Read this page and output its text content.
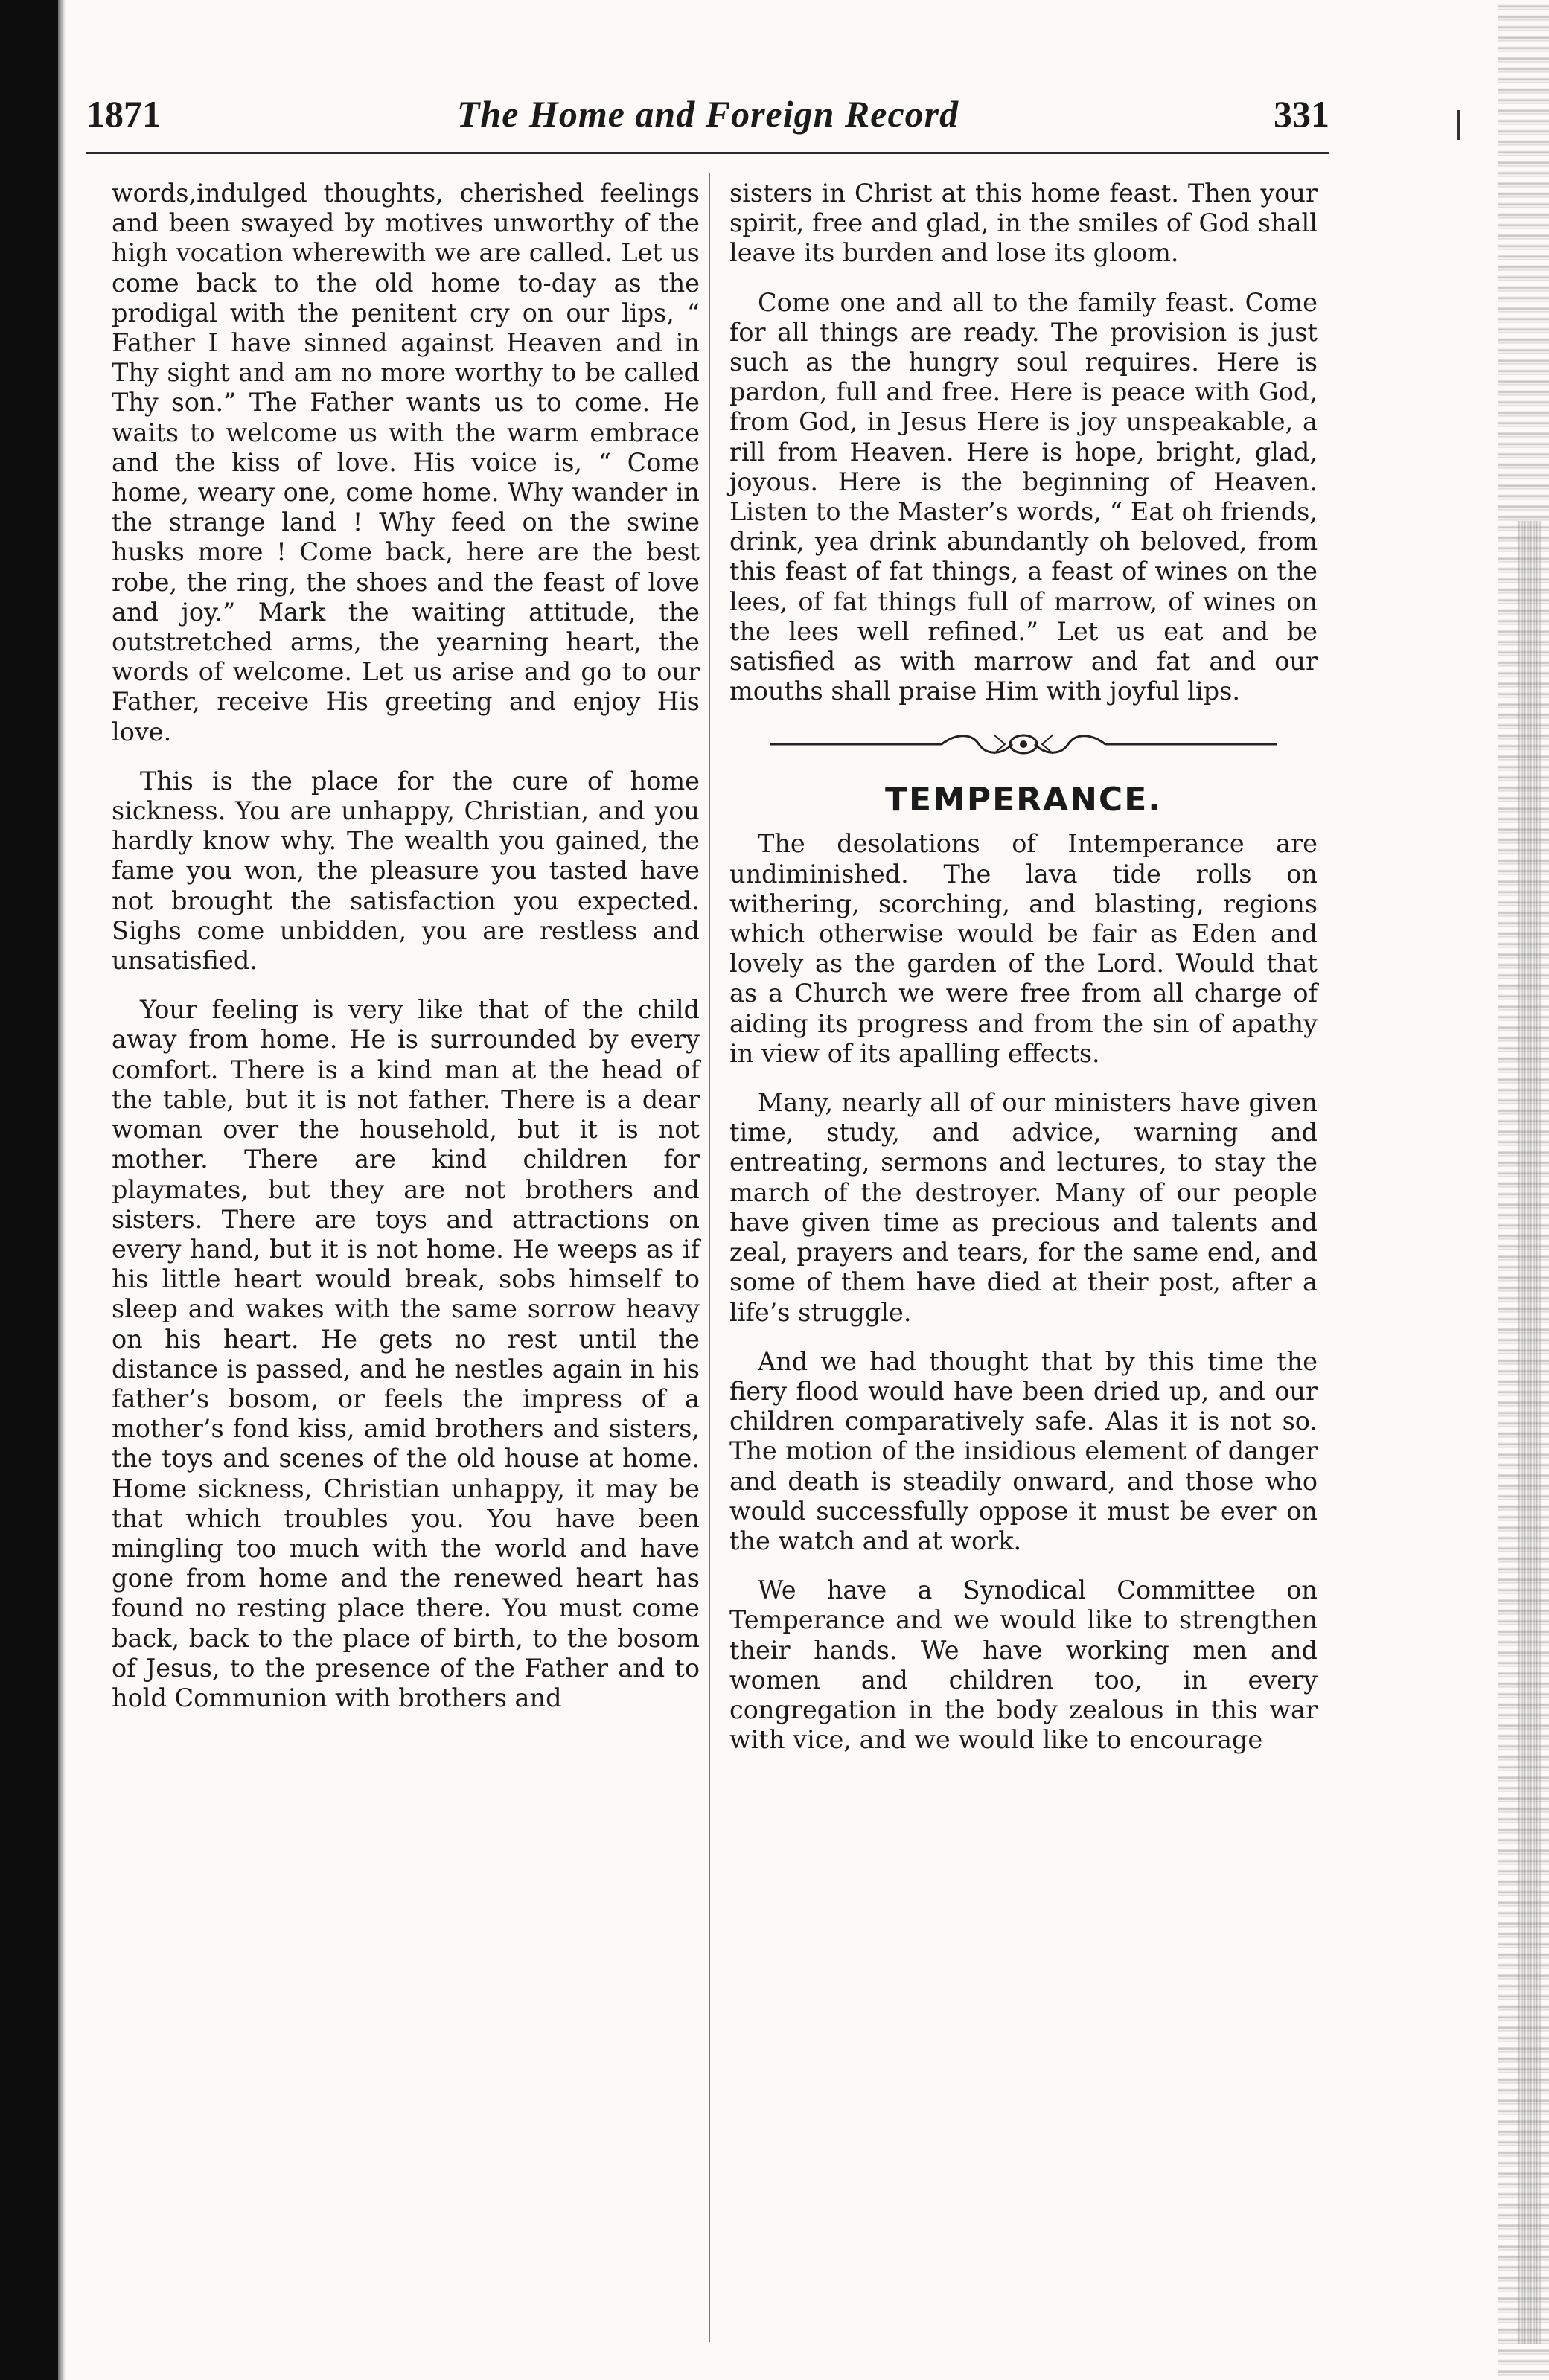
1871	The Home and Foreign Record	331

words,indulged thoughts, cherished feelings and been swayed by motives unworthy of the high vocation wherewith we are called. Let us come back to the old home to-day as the prodigal with the penitent cry on our lips, “ Father I have sinned against Heaven and in Thy sight and am no more worthy to be called Thy son.” The Father wants us to come. He waits to welcome us with the warm embrace and the kiss of love. His voice is, “ Come home, weary one, come home. Why wander in the strange land ! Why feed on the swine husks more ! Come back, here are the best robe, the ring, the shoes and the feast of love and joy.” Mark the waiting attitude, the outstretched arms, the yearning heart, the words of welcome. Let us arise and go to our Father, receive His greeting and enjoy His love.

This is the place for the cure of home sickness. You are unhappy, Christian, and you hardly know why. The wealth you gained, the fame you won, the pleasure you tasted have not brought the satisfaction you expected. Sighs come unbidden, you are restless and unsatisfied.

Your feeling is very like that of the child away from home. He is surrounded by every comfort. There is a kind man at the head of the table, but it is not father. There is a dear woman over the household, but it is not mother. There are kind children for playmates, but they are not brothers and sisters. There are toys and attractions on every hand, but it is not home. He weeps as if his little heart would break, sobs himself to sleep and wakes with the same sorrow heavy on his heart. He gets no rest until the distance is passed, and he nestles again in his father’s bosom, or feels the impress of a mother’s fond kiss, amid brothers and sisters, the toys and scenes of the old house at home. Home sickness, Christian unhappy, it may be that which troubles you. You have been mingling too much with the world and have gone from home and the renewed heart has found no resting place there. You must come back, back to the place of birth, to the bosom of Jesus, to the presence of the Father and to hold Communion with brothers and

sisters in Christ at this home feast. Then your spirit, free and glad, in the smiles of God shall leave its burden and lose its gloom.

Come one and all to the family feast. Come for all things are ready. The provision is just such as the hungry soul requires. Here is pardon, full and free. Here is peace with God, from God, in Jesus Here is joy unspeakable, a rill from Heaven. Here is hope, bright, glad, joyous. Here is the beginning of Heaven. Listen to the Master’s words, “ Eat oh friends, drink, yea drink abundantly oh beloved, from this feast of fat things, a feast of wines on the lees, of fat things full of marrow, of wines on the lees well refined.” Let us eat and be satisfied as with marrow and fat and our mouths shall praise Him with joyful lips.

TEMPERANCE.

The desolations of Intemperance are undiminished. The lava tide rolls on withering, scorching, and blasting, regions which otherwise would be fair as Eden and lovely as the garden of the Lord. Would that as a Church we were free from all charge of aiding its progress and from the sin of apathy in view of its apalling effects.

Many, nearly all of our ministers have given time, study, and advice, warning and entreating, sermons and lectures, to stay the march of the destroyer. Many of our people have given time as precious and talents and zeal, prayers and tears, for the same end, and some of them have died at their post, after a life’s struggle.

And we had thought that by this time the fiery flood would have been dried up, and our children comparatively safe. Alas it is not so. The motion of the insidious element of danger and death is steadily onward, and those who would successfully oppose it must be ever on the watch and at work.

We have a Synodical Committee on Temperance and we would like to strengthen their hands. We have working men and women and children too, in every congregation in the body zealous in this war with vice, and we would like to encourage
